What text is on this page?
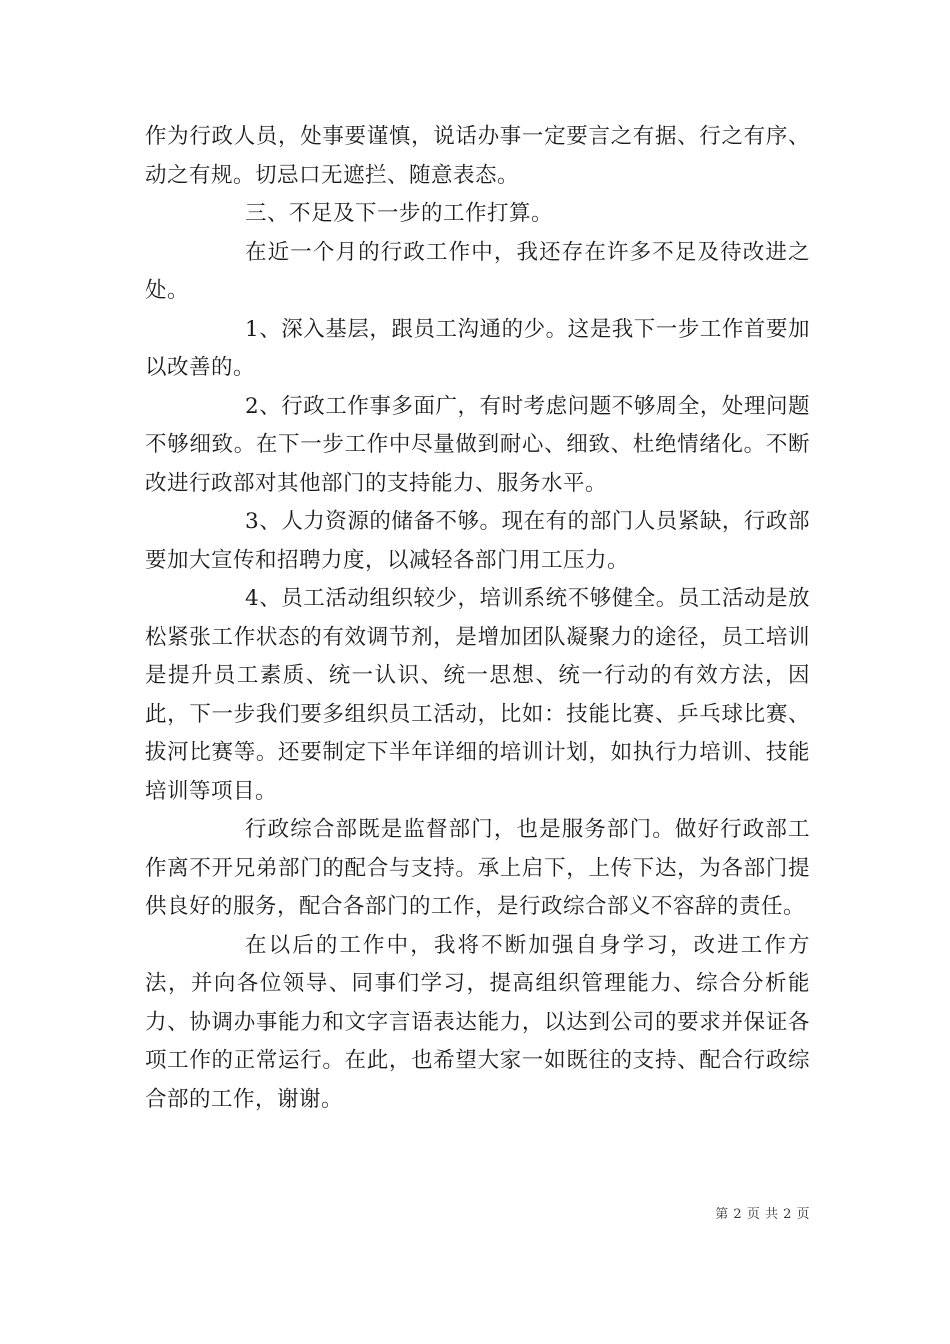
作为行政人员，处事要谨慎，说话办事一定要言之有据、行之有序、动之有规。切忌口无遮拦、随意表态。

三、不足及下一步的工作打算。

在近一个月的行政工作中，我还存在许多不足及待改进之处。

1、深入基层，跟员工沟通的少。这是我下一步工作首要加以改善的。

2、行政工作事多面广，有时考虑问题不够周全，处理问题不够细致。在下一步工作中尽量做到耐心、细致、杜绝情绪化。不断改进行政部对其他部门的支持能力、服务水平。

3、人力资源的储备不够。现在有的部门人员紧缺，行政部要加大宣传和招聘力度，以减轻各部门用工压力。

4、员工活动组织较少，培训系统不够健全。员工活动是放松紧张工作状态的有效调节剂，是增加团队凝聚力的途径，员工培训是提升员工素质、统一认识、统一思想、统一行动的有效方法，因此，下一步我们要多组织员工活动，比如：技能比赛、乒乓球比赛、拔河比赛等。还要制定下半年详细的培训计划，如执行力培训、技能培训等项目。

行政综合部既是监督部门，也是服务部门。做好行政部工作离不开兄弟部门的配合与支持。承上启下，上传下达，为各部门提供良好的服务，配合各部门的工作，是行政综合部义不容辞的责任。

在以后的工作中，我将不断加强自身学习，改进工作方法，并向各位领导、同事们学习，提高组织管理能力、综合分析能力、协调办事能力和文字言语表达能力，以达到公司的要求并保证各项工作的正常运行。在此，也希望大家一如既往的支持、配合行政综合部的工作，谢谢。

第 2 页 共 2 页
